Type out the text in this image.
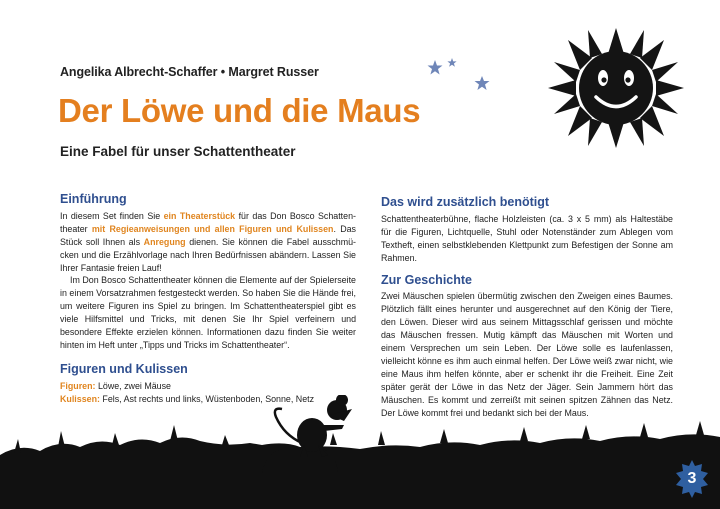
Angelika Albrecht-Schaffer • Margret Russer
Der Löwe und die Maus
Eine Fabel für unser Schattentheater
Einführung

In diesem Set finden Sie ein Theaterstück für das Don Bosco Schattentheater mit Regieanweisungen und allen Figuren und Kulissen. Das Stück soll Ihnen als Anregung dienen. Sie können die Fabel ausschmücken und die Erzählvorlage nach Ihren Bedürfnissen abändern. Lassen Sie Ihrer Fantasie freien Lauf!

Im Don Bosco Schattentheater können die Elemente auf der Spielerseite in einem Vorsatzrahmen festgesteckt werden. So haben Sie die Hände frei, um weitere Figuren ins Spiel zu bringen. Im Schattentheaterspiel gibt es viele Hilfsmittel und Tricks, mit denen Sie Ihr Spiel verfeinern und besondere Effekte erzielen können. Informationen dazu finden Sie weiter hinten im Heft unter „Tipps und Tricks im Schattentheater“.

Figuren und Kulissen

Figuren: Löwe, zwei Mäuse

Kulissen: Fels, Ast rechts und links, Wüstenboden, Sonne, Netz

Das wird zusätzlich benötigt

Schattentheaterbühne, flache Holzleisten (ca. 3 x 5 mm) als Haltestäbe für die Figuren, Lichtquelle, Stuhl oder Notenständer zum Ablegen vom Textheft, einen selbstklebenden Klettpunkt zum Befestigen der Sonne am Rahmen.

Zur Geschichte

Zwei Mäuschen spielen übermütig zwischen den Zweigen eines Baumes. Plötzlich fällt eines herunter und ausgerechnet auf den König der Tiere, den Löwen. Dieser wird aus seinem Mittagsschlaf gerissen und möchte das Mäuschen fressen. Mutig kämpft das Mäuschen mit Worten und einem Versprechen um sein Leben. Der Löwe solle es laufenlassen, vielleicht könne es ihm auch einmal helfen. Der Löwe weiß zwar nicht, wie eine Maus ihm helfen könnte, aber er schenkt ihr die Freiheit. Eine Zeit später gerät der Löwe in das Netz der Jäger. Sein Jammern hört das Mäuschen. Es kommt und zerreißt mit seinen spitzen Zähnen das Netz. Der Löwe kommt frei und bedankt sich bei der Maus.

3
